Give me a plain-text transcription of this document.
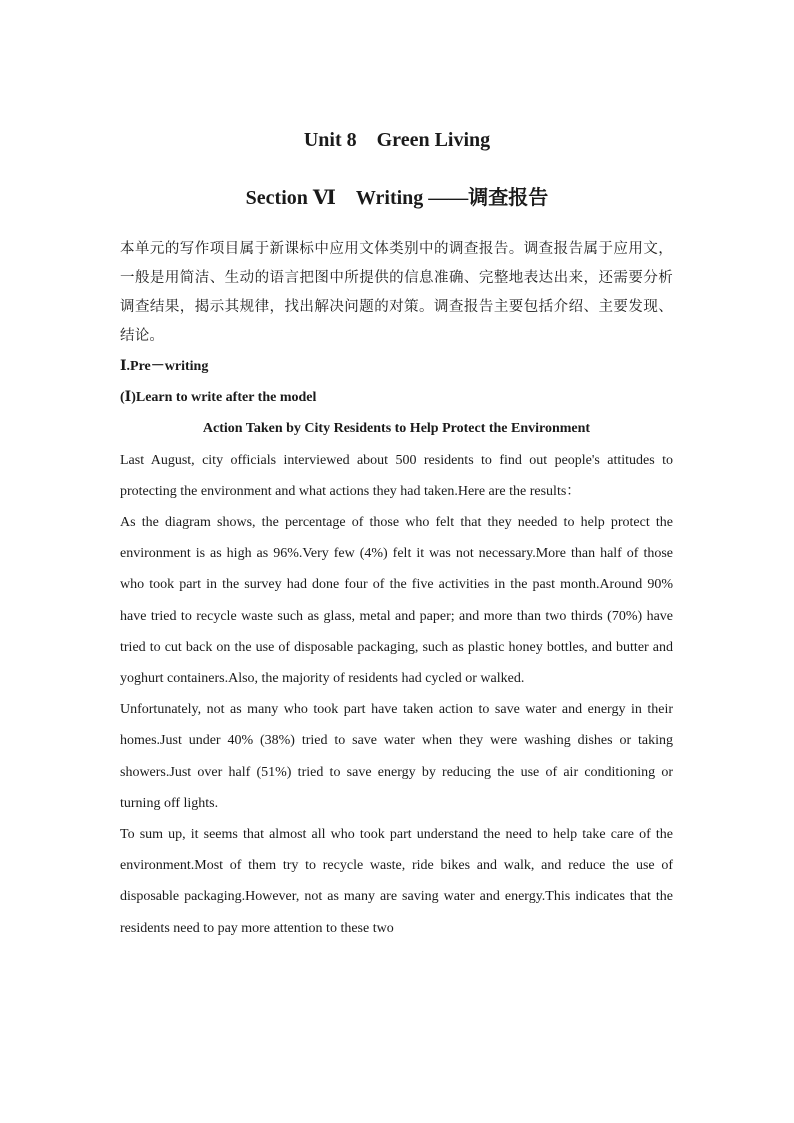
Unit 8　Green Living
Section Ⅵ　Writing ——调查报告

本单元的写作项目属于新课标中应用文体类别中的调查报告。调查报告属于应用文，一般是用简洁、生动的语言把图中所提供的信息准确、完整地表达出来，还需要分析调查结果，揭示其规律，找出解决问题的对策。调查报告主要包括介绍、主要发现、结论。

Ⅰ.Pre－writing

(Ⅰ)Learn to write after the model

Action Taken by City Residents to Help Protect the Environment

Last August, city officials interviewed about 500 residents to find out people's attitudes to protecting the environment and what actions they had taken.Here are the results：

As the diagram shows, the percentage of those who felt that they needed to help protect the environment is as high as 96%.Very few (4%) felt it was not necessary.More than half of those who took part in the survey had done four of the five activities in the past month.Around 90% have tried to recycle waste such as glass, metal and paper; and more than two thirds (70%) have tried to cut back on the use of disposable packaging, such as plastic honey bottles, and butter and yoghurt containers.Also, the majority of residents had cycled or walked.

Unfortunately, not as many who took part have taken action to save water and energy in their homes.Just under 40% (38%) tried to save water when they were washing dishes or taking showers.Just over half (51%) tried to save energy by reducing the use of air conditioning or turning off lights.

To sum up, it seems that almost all who took part understand the need to help take care of the environment.Most of them try to recycle waste, ride bikes and walk, and reduce the use of disposable packaging.However, not as many are saving water and energy.This indicates that the residents need to pay more attention to these two
